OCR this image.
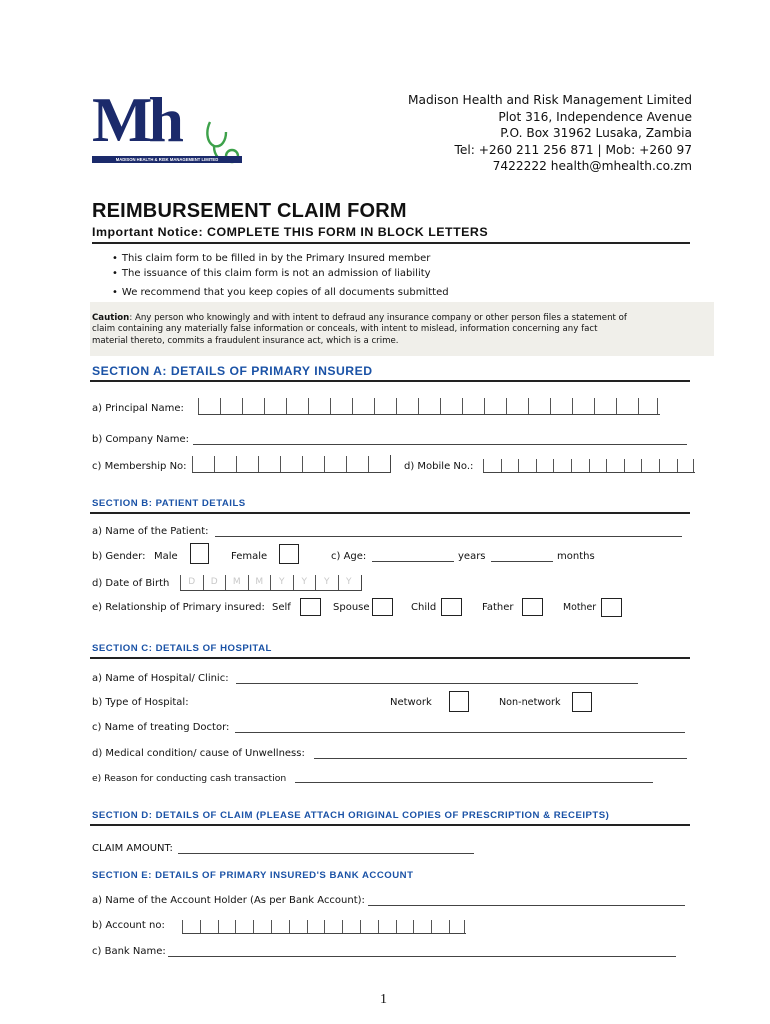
Mh
MADISON HEALTH & RISK MANAGEMENT LIMITED
Madison Health and Risk Management Limited
Plot 316, Independence Avenue
P.O. Box 31962 Lusaka, Zambia
Tel: +260 211 256 871 | Mob: +260 97
7422222 health@mhealth.co.zm
REIMBURSEMENT CLAIM FORM
Important Notice: COMPLETE THIS FORM IN BLOCK LETTERS
• This claim form to be filled in by the Primary Insured member
• The issuance of this claim form is not an admission of liability
• We recommend that you keep copies of all documents submitted
Caution: Any person who knowingly and with intent to defraud any insurance company or other person files a statement of
claim containing any materially false information or conceals, with intent to mislead, information concerning any fact
material thereto, commits a fraudulent insurance act, which is a crime.
SECTION A: DETAILS OF PRIMARY INSURED
a) Principal Name:
b) Company Name:
c) Membership No:	d) Mobile No.:
SECTION B: PATIENT DETAILS
a) Name of the Patient:
b) Gender: Male	Female	c) Age:	years	months
d) Date of Birth	D	D	M	M	Y	Y	Y	Y
e) Relationship of Primary insured: Self	Spouse	Child	Father	Mother
SECTION C: DETAILS OF HOSPITAL
a) Name of Hospital/ Clinic:
b) Type of Hospital:	Network	Non-network
c) Name of treating Doctor:
d) Medical condition/ cause of Unwellness:
e) Reason for conducting cash transaction
SECTION D: DETAILS OF CLAIM (PLEASE ATTACH ORIGINAL COPIES OF PRESCRIPTION & RECEIPTS)
CLAIM AMOUNT:
SECTION E: DETAILS OF PRIMARY INSURED'S BANK ACCOUNT
a) Name of the Account Holder (As per Bank Account):
b) Account no:
c) Bank Name:
1
